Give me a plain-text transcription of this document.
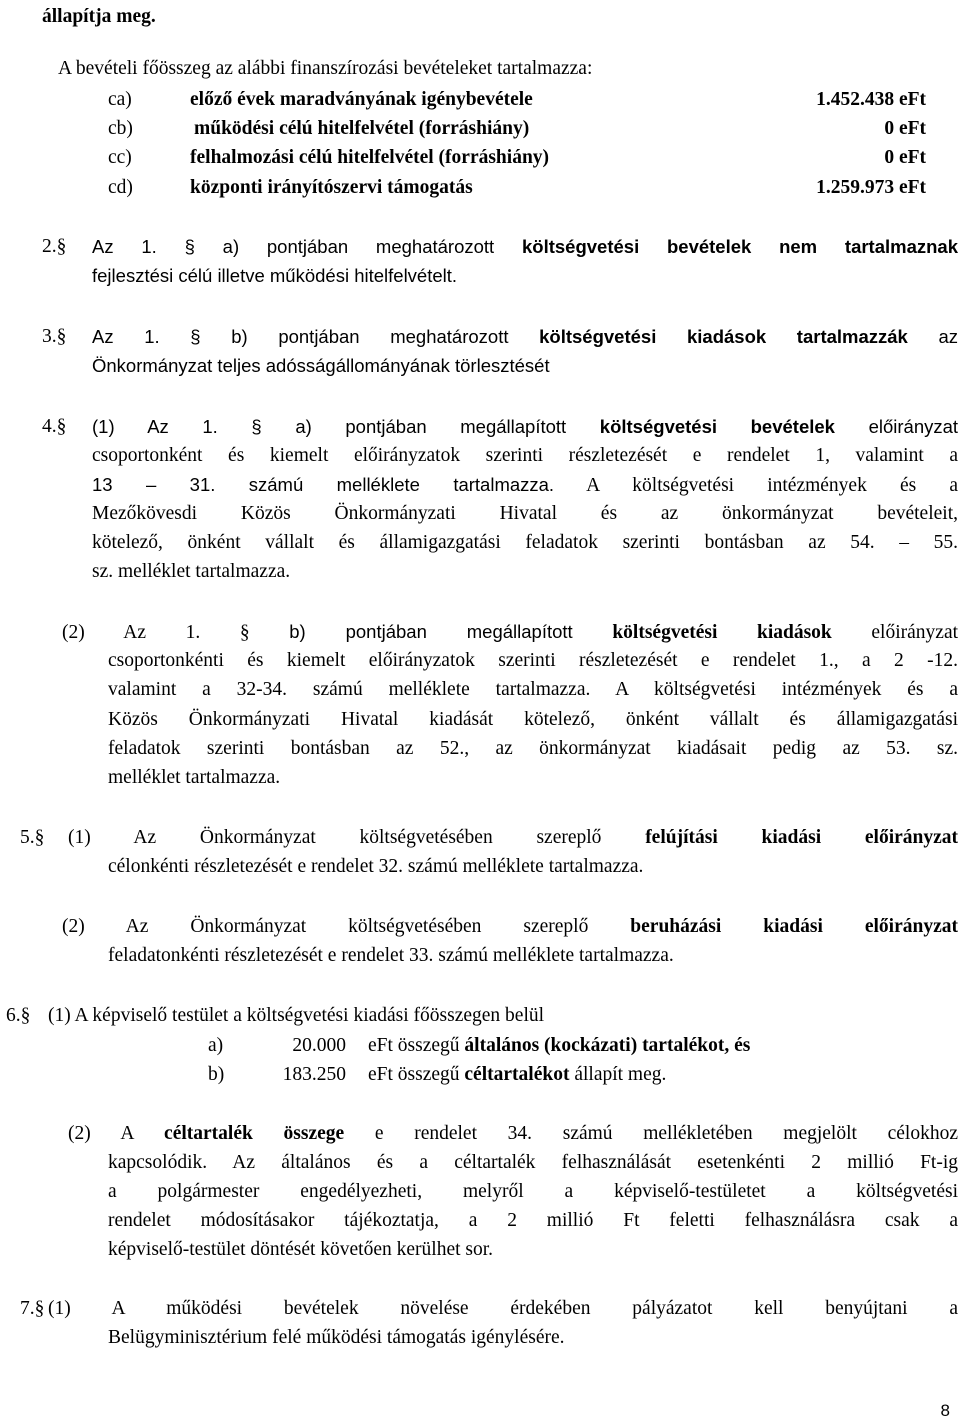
állapítja meg.
A bevételi főösszeg az alábbi finanszírozási bevételeket tartalmazza:
ca)	előző évek maradványának igénybevétele	1.452.438 eFt
cb)	működési célú hitelfelvétel (forráshiány)	0 eFt
cc)	felhalmozási célú hitelfelvétel (forráshiány)	0 eFt
cd)	központi irányítószervi támogatás	1.259.973 eFt
2.§ Az 1. § a) pontjában meghatározott költségvetési bevételek nem tartalmaznak
fejlesztési célú illetve működési hitelfelvételt.
3.§ Az 1. § b) pontjában meghatározott költségvetési kiadások tartalmazzák az
Önkormányzat teljes adósságállományának törlesztését
4.§ (1) Az 1. § a) pontjában megállapított költségvetési bevételek előirányzat
csoportonként és kiemelt előirányzatok szerinti részletezését e rendelet 1, valamint a
13 – 31. számú melléklete tartalmazza. A költségvetési intézmények és a
Mezőkövesdi Közös Önkormányzati Hivatal és az önkormányzat bevételeit,
kötelező, önként vállalt és államigazgatási feladatok szerinti bontásban az 54. – 55.
sz. melléklet tartalmazza.
(2) Az 1. § b) pontjában megállapított költségvetési kiadások előirányzat
csoportonkénti és kiemelt előirányzatok szerinti részletezését e rendelet 1., a 2 -12.
valamint a 32-34. számú melléklete tartalmazza. A költségvetési intézmények és a
Közös Önkormányzati Hivatal kiadását kötelező, önként vállalt és államigazgatási
feladatok szerinti bontásban az 52., az önkormányzat kiadásait pedig az 53. sz.
melléklet tartalmazza.
5.§ (1) Az Önkormányzat költségvetésében szereplő felújítási kiadási előirányzat
célonkénti részletezését e rendelet 32. számú melléklete tartalmazza.
(2) Az Önkormányzat költségvetésében szereplő beruházási kiadási előirányzat
feladatonkénti részletezését e rendelet 33. számú melléklete tartalmazza.
6.§ (1) A képviselő testület a költségvetési kiadási főösszegen belül
a)	20.000 eFt összegű általános (kockázati) tartalékot, és
b)	183.250 eFt összegű céltartalékot állapít meg.
(2) A céltartalék összege e rendelet 34. számú mellékletében megjelölt célokhoz
kapcsolódik. Az általános és a céltartalék felhasználását esetenkénti 2 millió Ft-ig
a polgármester engedélyezheti, melyről a képviselő-testületet a költségvetési
rendelet módosításakor tájékoztatja, a 2 millió Ft feletti felhasználásra csak a
képviselő-testület döntését követően kerülhet sor.
7.§ (1) A működési bevételek növelése érdekében pályázatot kell benyújtani a
Belügyminisztérium felé működési támogatás igénylésére.
8
